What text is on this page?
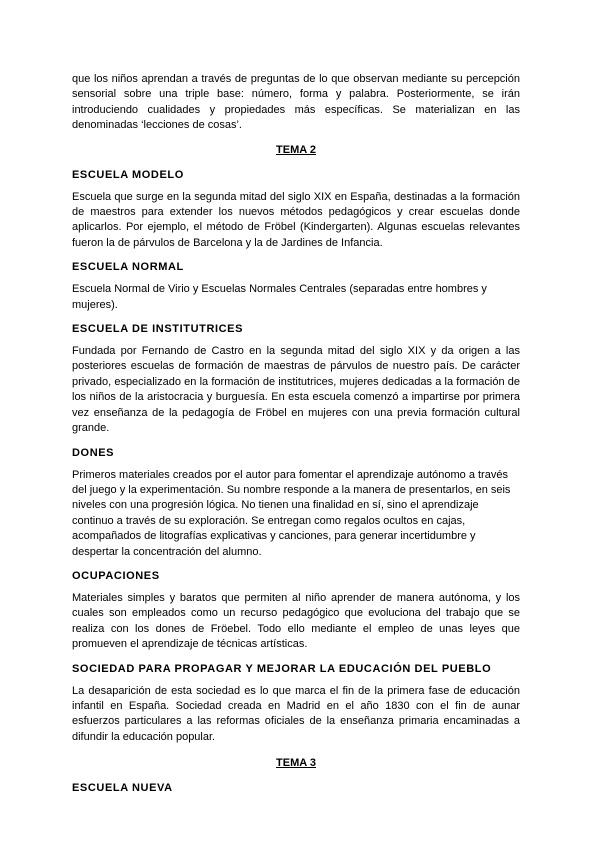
que los niños aprendan a través de preguntas de lo que observan mediante su percepción sensorial sobre una triple base: número, forma y palabra. Posteriormente, se irán introduciendo cualidades y propiedades más específicas. Se materializan en las denominadas ‘lecciones de cosas’.

TEMA 2
ESCUELA MODELO

Escuela que surge en la segunda mitad del siglo XIX en España, destinadas a la formación de maestros para extender los nuevos métodos pedagógicos y crear escuelas donde aplicarlos. Por ejemplo, el método de Fröbel (Kindergarten). Algunas escuelas relevantes fueron la de párvulos de Barcelona y la de Jardines de Infancia.

ESCUELA NORMAL

Escuela Normal de Virio y Escuelas Normales Centrales (separadas entre hombres y mujeres).

ESCUELA DE INSTITUTRICES

Fundada por Fernando de Castro en la segunda mitad del siglo XIX y da origen a las posteriores escuelas de formación de maestras de párvulos de nuestro país. De carácter privado, especializado en la formación de institutrices, mujeres dedicadas a la formación de los niños de la aristocracia y burguesía. En esta escuela comenzó a impartirse por primera vez enseñanza de la pedagogía de Fröbel en mujeres con una previa formación cultural grande.

DONES

Primeros materiales creados por el autor para fomentar el aprendizaje autónomo a través del juego y la experimentación. Su nombre responde a la manera de presentarlos, en seis niveles con una progresión lógica. No tienen una finalidad en sí, sino el aprendizaje continuo a través de su exploración. Se entregan como regalos ocultos en cajas, acompañados de litografías explicativas y canciones, para generar incertidumbre y despertar la concentración del alumno.

OCUPACIONES

Materiales simples y baratos que permiten al niño aprender de manera autónoma, y los cuales son empleados como un recurso pedagógico que evoluciona del trabajo que se realiza con los dones de Fröebel. Todo ello mediante el empleo de unas leyes que promueven el aprendizaje de técnicas artísticas.

SOCIEDAD PARA PROPAGAR Y MEJORAR LA EDUCACIÓN DEL PUEBLO

La desaparición de esta sociedad es lo que marca el fin de la primera fase de educación infantil en España. Sociedad creada en Madrid en el año 1830 con el fin de aunar esfuerzos particulares a las reformas oficiales de la enseñanza primaria encaminadas a difundir la educación popular.

TEMA 3
ESCUELA NUEVA
